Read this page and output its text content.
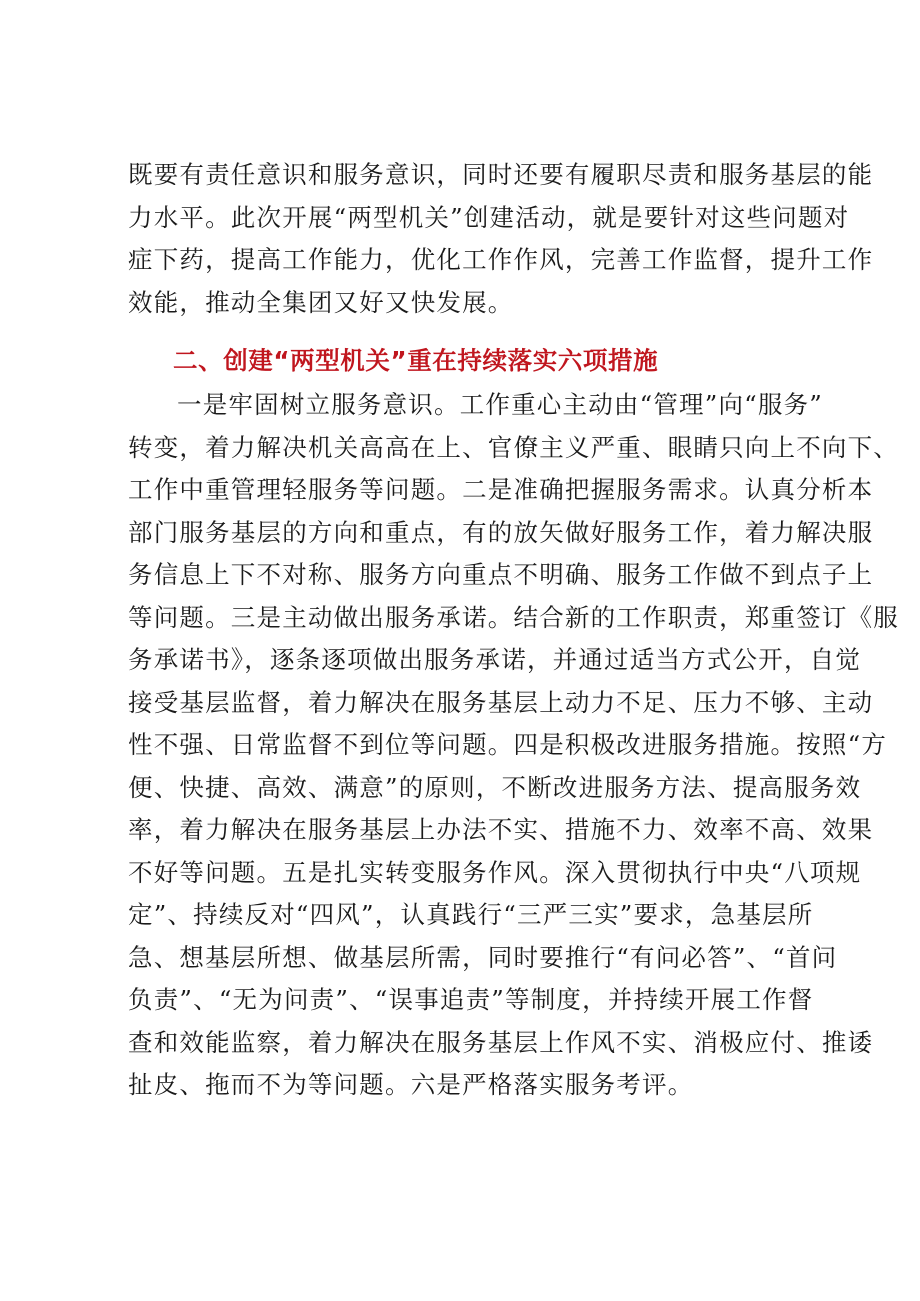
既要有责任意识和服务意识，同时还要有履职尽责和服务基层的能
力水平。此次开展“两型机关”创建活动，就是要针对这些问题对
症下药，提高工作能力，优化工作作风，完善工作监督，提升工作
效能，推动全集团又好又快发展。
二、创建“两型机关”重在持续落实六项措施
一是牢固树立服务意识。工作重心主动由“管理”向“服务”
转变，着力解决机关高高在上、官僚主义严重、眼睛只向上不向下、
工作中重管理轻服务等问题。二是准确把握服务需求。认真分析本
部门服务基层的方向和重点，有的放矢做好服务工作，着力解决服
务信息上下不对称、服务方向重点不明确、服务工作做不到点子上
等问题。三是主动做出服务承诺。结合新的工作职责，郑重签订《服
务承诺书》，逐条逐项做出服务承诺，并通过适当方式公开，自觉
接受基层监督，着力解决在服务基层上动力不足、压力不够、主动
性不强、日常监督不到位等问题。四是积极改进服务措施。按照“方
便、快捷、高效、满意”的原则，不断改进服务方法、提高服务效
率，着力解决在服务基层上办法不实、措施不力、效率不高、效果
不好等问题。五是扎实转变服务作风。深入贯彻执行中央“八项规
定”、持续反对“四风”，认真践行“三严三实”要求，急基层所
急、想基层所想、做基层所需，同时要推行“有问必答”、“首问
负责”、“无为问责”、“误事追责”等制度，并持续开展工作督
查和效能监察，着力解决在服务基层上作风不实、消极应付、推诿
扯皮、拖而不为等问题。六是严格落实服务考评。
